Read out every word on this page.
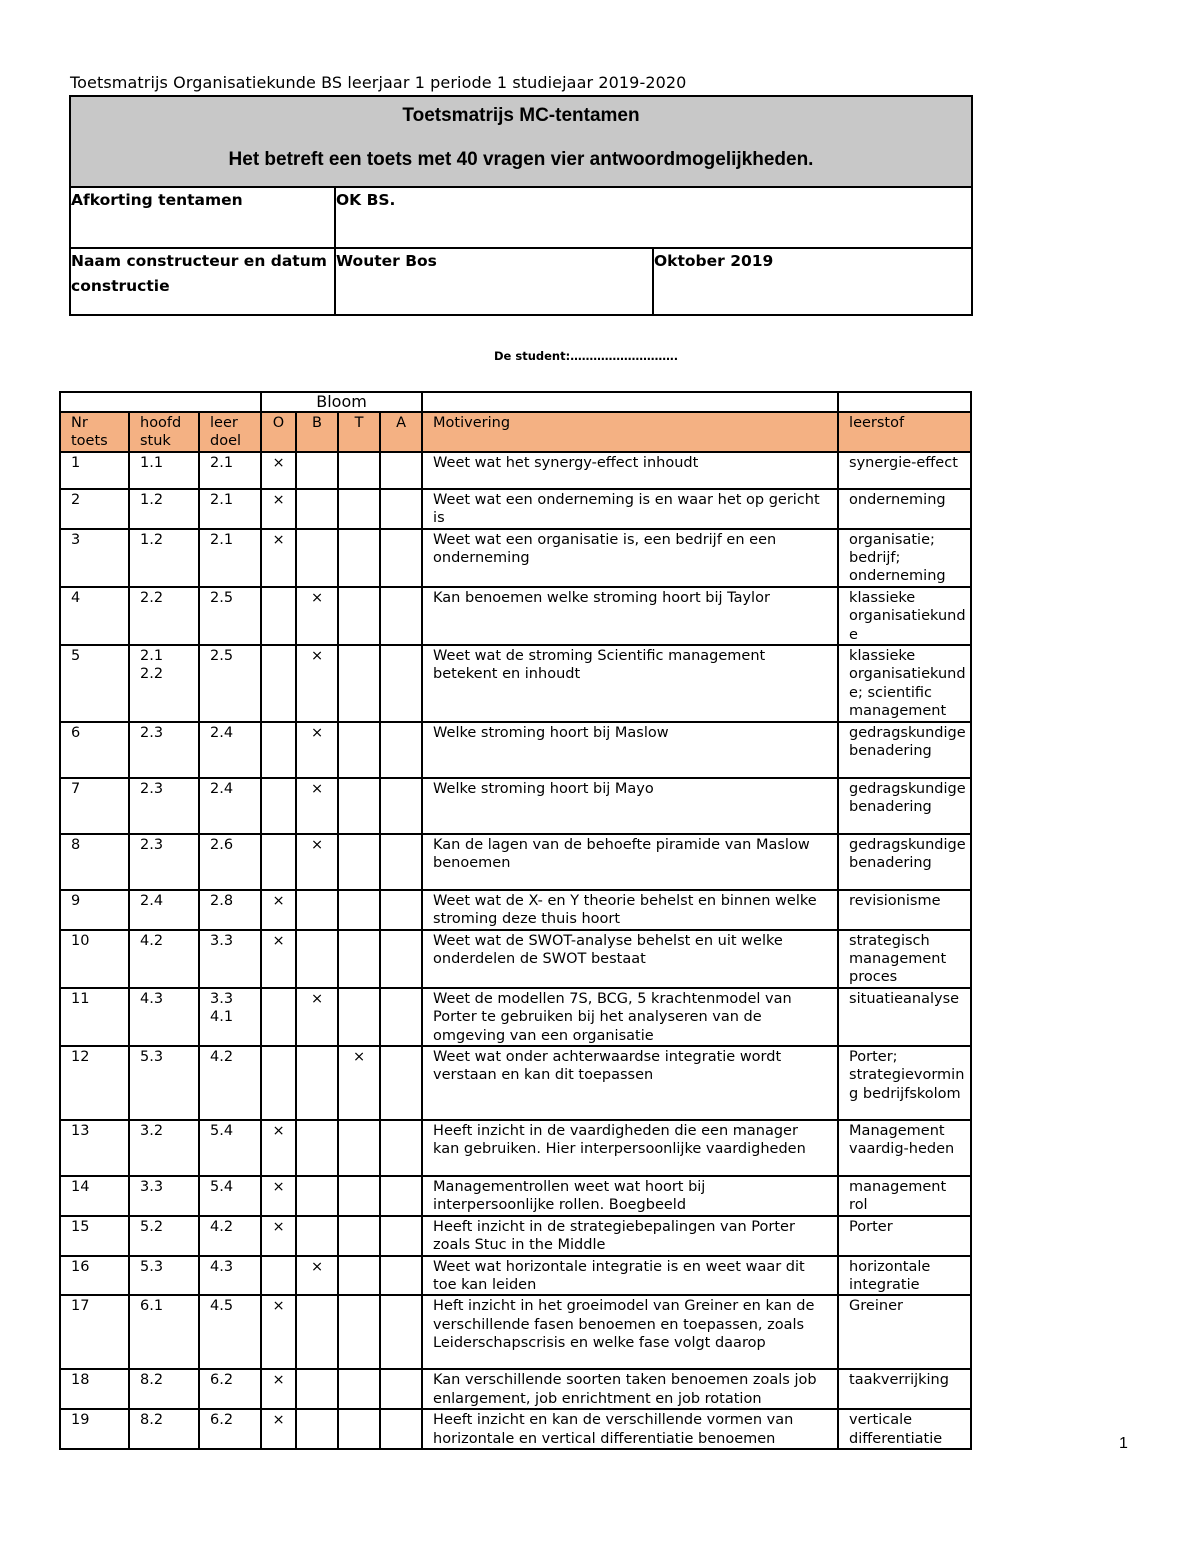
Toetsmatrijs Organisatiekunde BS leerjaar 1 periode 1 studiejaar 2019-2020
Toetsmatrijs MC-tentamen
Het betreft een toets met 40 vragen vier antwoordmogelijkheden.		

Afkorting tentamen	OK BS.	
Naam constructeur en datum constructie	Wouter Bos	Oktober 2019
De student:……………………….
			Bloom					
Nr toets	hoofd stuk	leer doel	O	B	T	A	Motivering	leerstof
1	1.1	2.1	×				Weet wat het synergy-effect inhoudt	synergie-effect
2	1.2	2.1	×				Weet wat een onderneming is en waar het op gericht is	onderneming
3	1.2	2.1	×				Weet wat een organisatie is, een bedrijf en een onderneming	organisatie; bedrijf; onderneming
4	2.2	2.5		×			Kan benoemen welke stroming hoort bij Taylor	klassieke organisatiekunde
5	2.1 2.2	2.5		×			Weet wat de stroming Scientific management betekent en inhoudt	klassieke organisatiekunde; scientific management
6	2.3	2.4		×			Welke stroming hoort bij Maslow	gedragskundige benadering
7	2.3	2.4		×			Welke stroming hoort bij Mayo	gedragskundige benadering
8	2.3	2.6		×			Kan de lagen van de behoefte piramide van Maslow benoemen	gedragskundige benadering
9	2.4	2.8	×				Weet wat de X- en Y theorie behelst en binnen welke stroming deze thuis hoort	revisionisme
10	4.2	3.3	×				Weet wat de SWOT-analyse behelst en uit welke onderdelen de SWOT bestaat	strategisch management proces
11	4.3	3.3 4.1		×			Weet de modellen 7S, BCG, 5 krachtenmodel van Porter te gebruiken bij het analyseren van de omgeving van een organisatie	situatieanalyse
12	5.3	4.2			×		Weet wat onder achterwaardse integratie wordt verstaan en kan dit toepassen	Porter; strategievorming bedrijfskolom
13	3.2	5.4	×				Heeft inzicht in de vaardigheden die een manager kan gebruiken. Hier interpersoonlijke vaardigheden	Management vaardig-heden
14	3.3	5.4	×				Managementrollen weet wat hoort bij interpersoonlijke rollen. Boegbeeld	management rol
15	5.2	4.2	×				Heeft inzicht in de strategiebepalingen van Porter zoals Stuc in the Middle	Porter
16	5.3	4.3		×			Weet wat horizontale integratie is en weet waar dit toe kan leiden	horizontale integratie
17	6.1	4.5	×				Heft inzicht in het groeimodel van Greiner en kan de verschillende fasen benoemen en toepassen, zoals Leiderschapscrisis en welke fase volgt daarop	Greiner
18	8.2	6.2	×				Kan verschillende soorten taken benoemen zoals job enlargement, job enrichtment en job rotation	taakverrijking
19	8.2	6.2	×				Heeft inzicht en kan de verschillende vormen van horizontale en vertical differentiatie benoemen	verticale differentiatie	1
